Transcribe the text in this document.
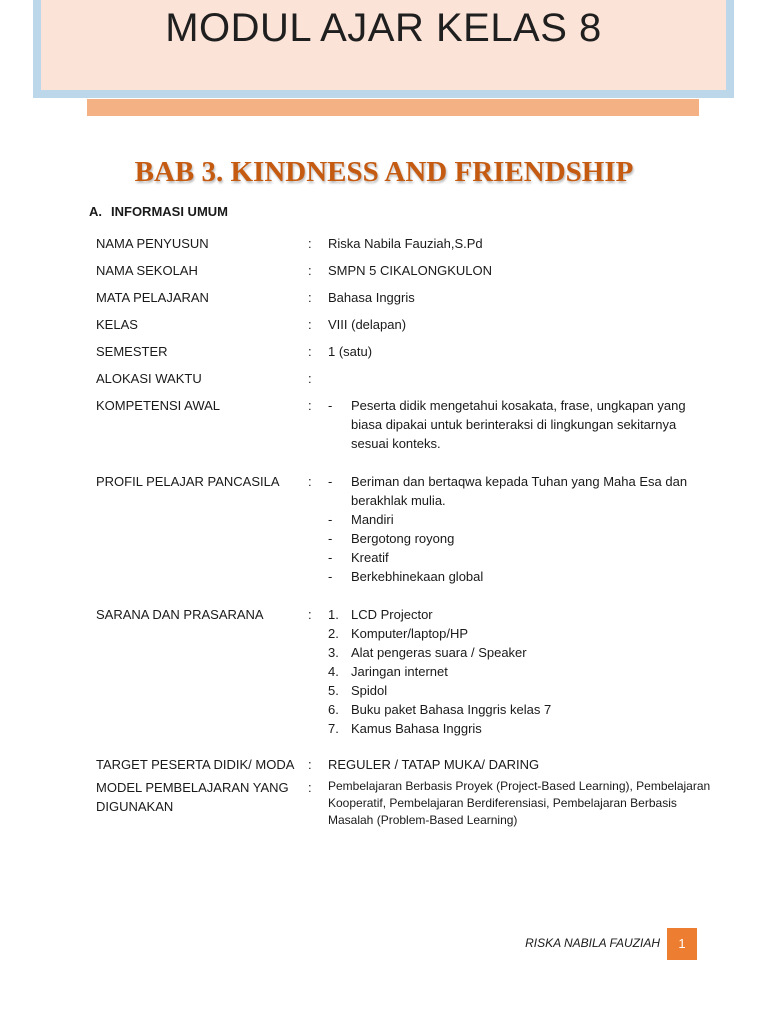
MODUL AJAR KELAS 8
BAB 3. KINDNESS AND FRIENDSHIP
A. INFORMASI UMUM
NAMA PENYUSUN	:	Riska Nabila Fauziah,S.Pd
NAMA SEKOLAH	:	SMPN 5 CIKALONGKULON
MATA PELAJARAN	:	Bahasa Inggris
KELAS	:	VIII (delapan)
SEMESTER	:	1 (satu)
ALOKASI WAKTU	:
KOMPETENSI AWAL	:	-	Peserta didik mengetahui kosakata, frase, ungkapan yang biasa dipakai untuk berinteraksi di lingkungan sekitarnya sesuai konteks.
PROFIL PELAJAR PANCASILA	:	-	Beriman dan bertaqwa kepada Tuhan yang Maha Esa dan berakhlak mulia.
-	Mandiri
-	Bergotong royong
-	Kreatif
-	Berkebhinekaan global
SARANA DAN PRASARANA	:	1. LCD Projector
2. Komputer/laptop/HP
3. Alat pengeras suara / Speaker
4. Jaringan internet
5. Spidol
6. Buku paket Bahasa Inggris kelas 7
7. Kamus Bahasa Inggris
TARGET PESERTA DIDIK/ MODA	:	REGULER / TATAP MUKA/ DARING
MODEL PEMBELAJARAN YANG DIGUNAKAN
:	Pembelajaran Berbasis Proyek (Project-Based Learning), Pembelajaran Kooperatif, Pembelajaran Berdiferensiasi, Pembelajaran Berbasis Masalah (Problem-Based Learning)
RISKA NABILA FAUZIAH	1
